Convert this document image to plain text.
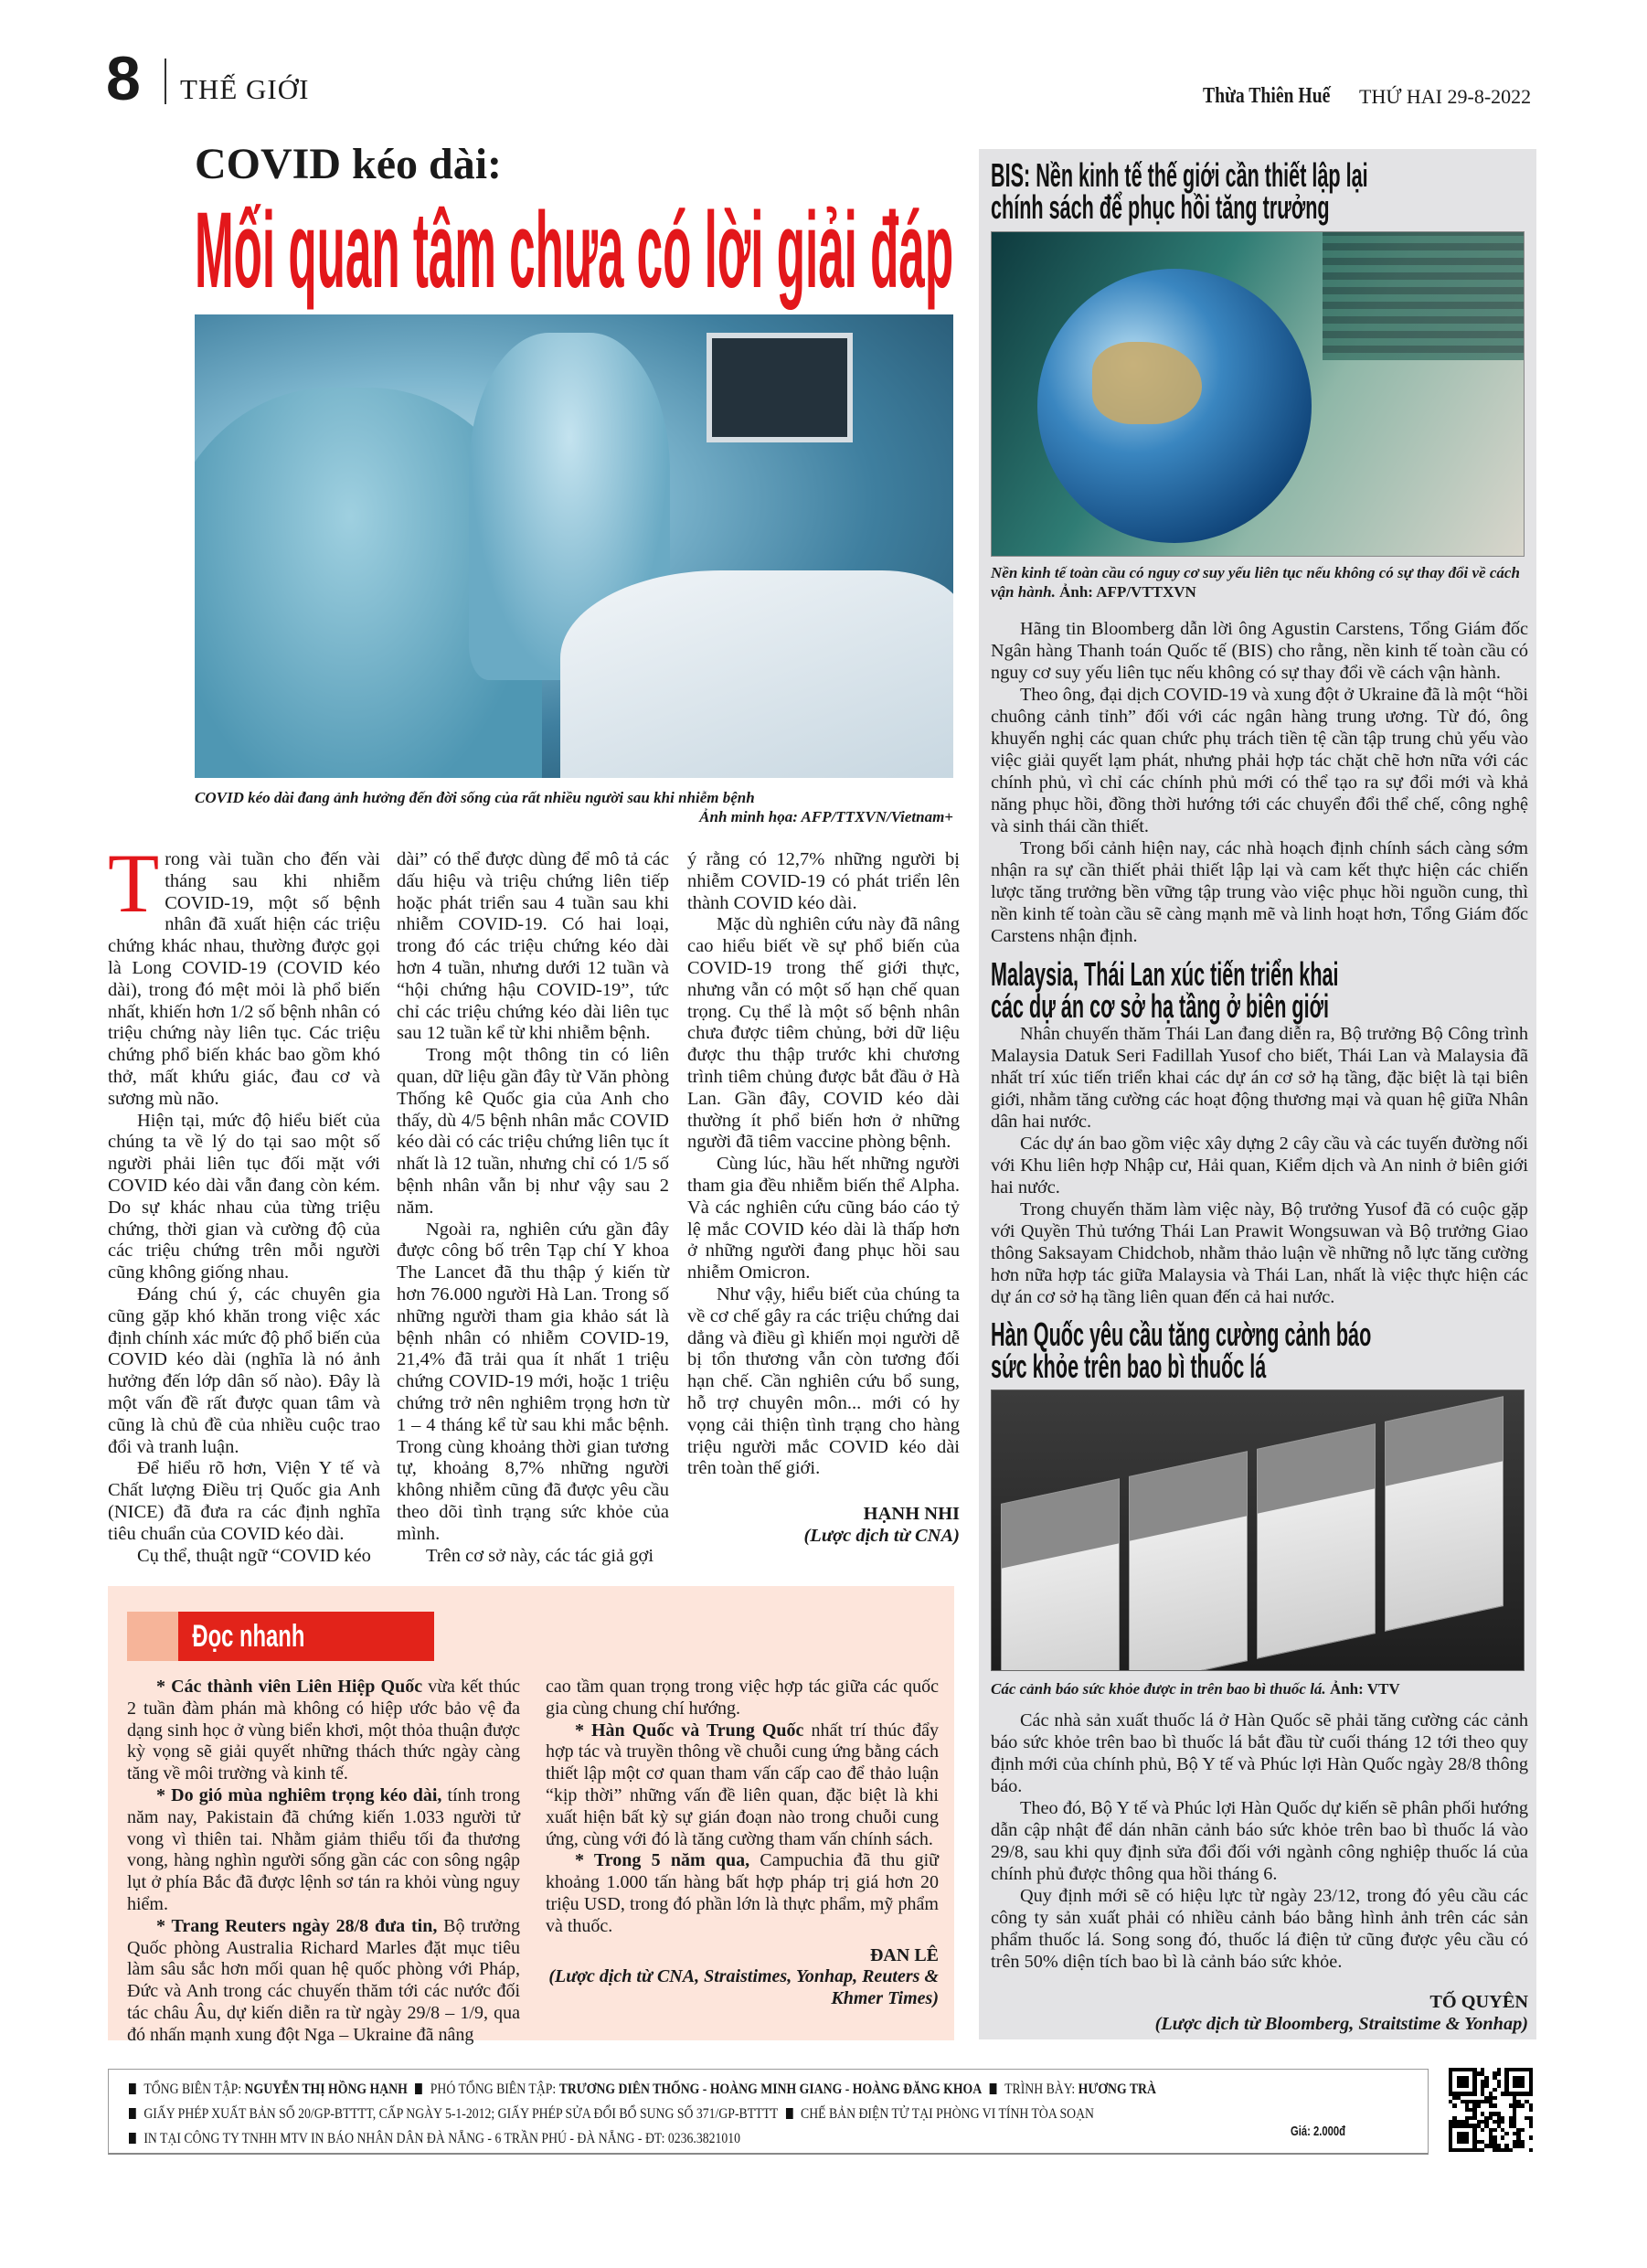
8 THẾ GIỚI	Thừa Thiên Huế THỨ HAI 29-8-2022
COVID kéo dài:
Mối quan tâm chưa có lời giải đáp
COVID kéo dài đang ảnh hưởng đến đời sống của rất nhiều người sau khi nhiễm bệnh
Ảnh minh họa: AFP/TTXVN/Vietnam+

Trong vài tuần cho đến vài tháng sau khi nhiễm COVID-19, một số bệnh nhân đã xuất hiện các triệu chứng khác nhau, thường được gọi là Long COVID-19 (COVID kéo dài), trong đó mệt mỏi là phổ biến nhất, khiến hơn 1/2 số bệnh nhân có triệu chứng này liên tục. Các triệu chứng phổ biến khác bao gồm khó thở, mất khứu giác, đau cơ và sương mù não.

Hiện tại, mức độ hiểu biết của chúng ta về lý do tại sao một số người phải liên tục đối mặt với COVID kéo dài vẫn đang còn kém. Do sự khác nhau của từng triệu chứng, thời gian và cường độ của các triệu chứng trên mỗi người cũng không giống nhau.

Đáng chú ý, các chuyên gia cũng gặp khó khăn trong việc xác định chính xác mức độ phổ biến của COVID kéo dài (nghĩa là nó ảnh hưởng đến lớp dân số nào). Đây là một vấn đề rất được quan tâm và cũng là chủ đề của nhiều cuộc trao đổi và tranh luận.

Để hiểu rõ hơn, Viện Y tế và Chất lượng Điều trị Quốc gia Anh (NICE) đã đưa ra các định nghĩa tiêu chuẩn của COVID kéo dài.

Cụ thể, thuật ngữ “COVID kéo

dài” có thể được dùng để mô tả các dấu hiệu và triệu chứng liên tiếp hoặc phát triển sau 4 tuần sau khi nhiễm COVID-19. Có hai loại, trong đó các triệu chứng kéo dài hơn 4 tuần, nhưng dưới 12 tuần và “hội chứng hậu COVID-19”, tức chỉ các triệu chứng kéo dài liên tục sau 12 tuần kể từ khi nhiễm bệnh.

Trong một thông tin có liên quan, dữ liệu gần đây từ Văn phòng Thống kê Quốc gia của Anh cho thấy, dù 4/5 bệnh nhân mắc COVID kéo dài có các triệu chứng liên tục ít nhất là 12 tuần, nhưng chỉ có 1/5 số bệnh nhân vẫn bị như vậy sau 2 năm.

Ngoài ra, nghiên cứu gần đây được công bố trên Tạp chí Y khoa The Lancet đã thu thập ý kiến từ hơn 76.000 người Hà Lan. Trong số những người tham gia khảo sát là bệnh nhân có nhiễm COVID-19, 21,4% đã trải qua ít nhất 1 triệu chứng COVID-19 mới, hoặc 1 triệu chứng trở nên nghiêm trọng hơn từ 1 – 4 tháng kể từ sau khi mắc bệnh. Trong cùng khoảng thời gian tương tự, khoảng 8,7% những người không nhiễm cũng đã được yêu cầu theo dõi tình trạng sức khỏe của mình.

Trên cơ sở này, các tác giả gợi

ý rằng có 12,7% những người bị nhiễm COVID-19 có phát triển lên thành COVID kéo dài.

Mặc dù nghiên cứu này đã nâng cao hiểu biết về sự phổ biến của COVID-19 trong thế giới thực, nhưng vẫn có một số hạn chế quan trọng. Cụ thể là một số bệnh nhân chưa được tiêm chủng, bởi dữ liệu được thu thập trước khi chương trình tiêm chủng được bắt đầu ở Hà Lan. Gần đây, COVID kéo dài thường ít phổ biến hơn ở những người đã tiêm vaccine phòng bệnh.

Cùng lúc, hầu hết những người tham gia đều nhiễm biến thể Alpha. Và các nghiên cứu cũng báo cáo tỷ lệ mắc COVID kéo dài là thấp hơn ở những người đang phục hồi sau nhiễm Omicron.

Như vậy, hiểu biết của chúng ta về cơ chế gây ra các triệu chứng dai dẳng và điều gì khiến mọi người dễ bị tổn thương vẫn còn tương đối hạn chế. Cần nghiên cứu bổ sung, hỗ trợ chuyên môn... mới có hy vọng cải thiện tình trạng cho hàng triệu người mắc COVID kéo dài trên toàn thế giới.

HẠNH NHI
(Lược dịch từ CNA)
BIS: Nền kinh tế thế giới cần thiết lập lại
chính sách để phục hồi tăng trưởng
Nền kinh tế toàn cầu có nguy cơ suy yếu liên tục nếu không có sự thay đổi về cách vận hành. Ảnh: AFP/VTTXVN

Hãng tin Bloomberg dẫn lời ông Agustin Carstens, Tổng Giám đốc Ngân hàng Thanh toán Quốc tế (BIS) cho rằng, nền kinh tế toàn cầu có nguy cơ suy yếu liên tục nếu không có sự thay đổi về cách vận hành.

Theo ông, đại dịch COVID-19 và xung đột ở Ukraine đã là một “hồi chuông cảnh tỉnh” đối với các ngân hàng trung ương. Từ đó, ông khuyến nghị các quan chức phụ trách tiền tệ cần tập trung chủ yếu vào việc giải quyết lạm phát, nhưng phải hợp tác chặt chẽ hơn nữa với các chính phủ, vì chỉ các chính phủ mới có thể tạo ra sự đổi mới và khả năng phục hồi, đồng thời hướng tới các chuyển đổi thể chế, công nghệ và sinh thái cần thiết.

Trong bối cảnh hiện nay, các nhà hoạch định chính sách càng sớm nhận ra sự cần thiết phải thiết lập lại và cam kết thực hiện các chiến lược tăng trưởng bền vững tập trung vào việc phục hồi nguồn cung, thì nền kinh tế toàn cầu sẽ càng mạnh mẽ và linh hoạt hơn, Tổng Giám đốc Carstens nhận định.

Malaysia, Thái Lan xúc tiến triển khai
các dự án cơ sở hạ tầng ở biên giới

Nhân chuyến thăm Thái Lan đang diễn ra, Bộ trưởng Bộ Công trình Malaysia Datuk Seri Fadillah Yusof cho biết, Thái Lan và Malaysia đã nhất trí xúc tiến triển khai các dự án cơ sở hạ tầng, đặc biệt là tại biên giới, nhằm tăng cường các hoạt động thương mại và quan hệ giữa Nhân dân hai nước.

Các dự án bao gồm việc xây dựng 2 cây cầu và các tuyến đường nối với Khu liên hợp Nhập cư, Hải quan, Kiểm dịch và An ninh ở biên giới hai nước.

Trong chuyến thăm làm việc này, Bộ trưởng Yusof đã có cuộc gặp với Quyền Thủ tướng Thái Lan Prawit Wongsuwan và Bộ trưởng Giao thông Saksayam Chidchob, nhằm thảo luận về những nỗ lực tăng cường hơn nữa hợp tác giữa Malaysia và Thái Lan, nhất là việc thực hiện các dự án cơ sở hạ tầng liên quan đến cả hai nước.

Hàn Quốc yêu cầu tăng cường cảnh báo
sức khỏe trên bao bì thuốc lá
Các cảnh báo sức khỏe được in trên bao bì thuốc lá. Ảnh: VTV

Các nhà sản xuất thuốc lá ở Hàn Quốc sẽ phải tăng cường các cảnh báo sức khỏe trên bao bì thuốc lá bắt đầu từ cuối tháng 12 tới theo quy định mới của chính phủ, Bộ Y tế và Phúc lợi Hàn Quốc ngày 28/8 thông báo.

Theo đó, Bộ Y tế và Phúc lợi Hàn Quốc dự kiến sẽ phân phối hướng dẫn cập nhật để dán nhãn cảnh báo sức khỏe trên bao bì thuốc lá vào 29/8, sau khi quy định sửa đổi đối với ngành công nghiệp thuốc lá của chính phủ được thông qua hồi tháng 6.

Quy định mới sẽ có hiệu lực từ ngày 23/12, trong đó yêu cầu các công ty sản xuất phải có nhiều cảnh báo bằng hình ảnh trên các sản phẩm thuốc lá. Song song đó, thuốc lá điện tử cũng được yêu cầu có trên 50% diện tích bao bì là cảnh báo sức khỏe.

TỐ QUYÊN
(Lược dịch từ Bloomberg, Straitstime & Yonhap)
Đọc nhanh

* Các thành viên Liên Hiệp Quốc vừa kết thúc 2 tuần đàm phán mà không có hiệp ước bảo vệ đa dạng sinh học ở vùng biển khơi, một thỏa thuận được kỳ vọng sẽ giải quyết những thách thức ngày càng tăng về môi trường và kinh tế.

* Do gió mùa nghiêm trọng kéo dài, tính trong năm nay, Pakistain đã chứng kiến 1.033 người tử vong vì thiên tai. Nhằm giảm thiểu tối đa thương vong, hàng nghìn người sống gần các con sông ngập lụt ở phía Bắc đã được lệnh sơ tán ra khỏi vùng nguy hiểm.

* Trang Reuters ngày 28/8 đưa tin, Bộ trưởng Quốc phòng Australia Richard Marles đặt mục tiêu làm sâu sắc hơn mối quan hệ quốc phòng với Pháp, Đức và Anh trong các chuyến thăm tới các nước đối tác châu Âu, dự kiến diễn ra từ ngày 29/8 – 1/9, qua đó nhấn mạnh xung đột Nga – Ukraine đã nâng

cao tầm quan trọng trong việc hợp tác giữa các quốc gia cùng chung chí hướng.

* Hàn Quốc và Trung Quốc nhất trí thúc đẩy hợp tác và truyền thông về chuỗi cung ứng bằng cách thiết lập một cơ quan tham vấn cấp cao để thảo luận “kịp thời” những vấn đề liên quan, đặc biệt là khi xuất hiện bất kỳ sự gián đoạn nào trong chuỗi cung ứng, cùng với đó là tăng cường tham vấn chính sách.

* Trong 5 năm qua, Campuchia đã thu giữ khoảng 1.000 tấn hàng bất hợp pháp trị giá hơn 20 triệu USD, trong đó phần lớn là thực phẩm, mỹ phẩm và thuốc.

ĐAN LÊ
(Lược dịch từ CNA, Straistimes, Yonhap, Reuters & Khmer Times)
TỔNG BIÊN TẬP: NGUYỄN THỊ HỒNG HẠNH PHÓ TỔNG BIÊN TẬP: TRƯƠNG DIÊN THỐNG - HOÀNG MINH GIANG - HOÀNG ĐĂNG KHOA TRÌNH BÀY: HƯƠNG TRÀ
GIẤY PHÉP XUẤT BẢN SỐ 20/GP-BTTTT, CẤP NGÀY 5-1-2012; GIẤY PHÉP SỬA ĐỔI BỔ SUNG SỐ 371/GP-BTTTT CHẾ BẢN ĐIỆN TỬ TẠI PHÒNG VI TÍNH TÒA SOẠN
IN TẠI CÔNG TY TNHH MTV IN BÁO NHÂN DÂN ĐÀ NẴNG - 6 TRẦN PHÚ - ĐÀ NẴNG - ĐT: 0236.3821010	Giá: 2.000đ
